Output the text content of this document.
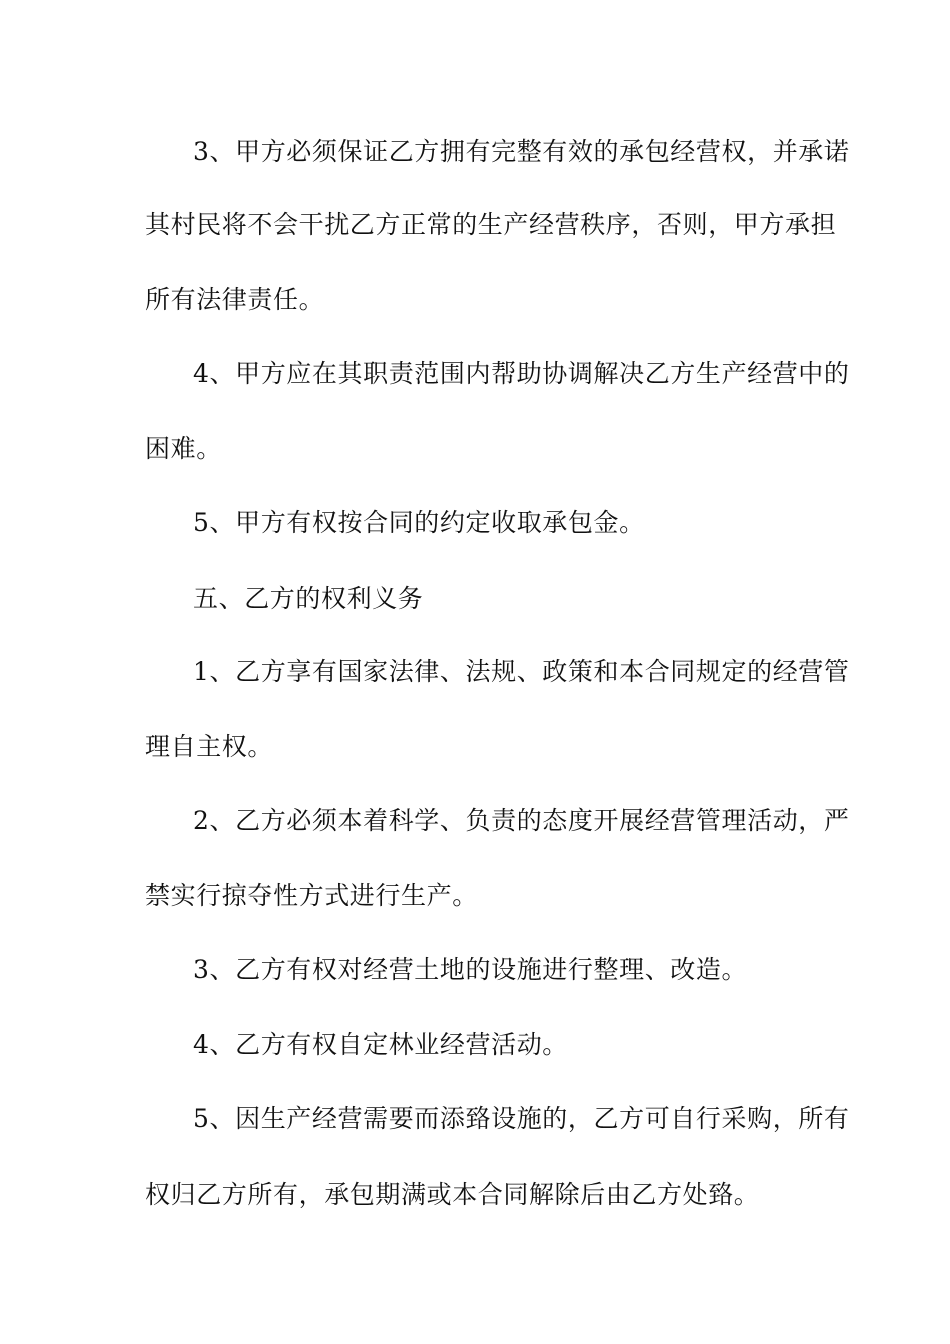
3、甲方必须保证乙方拥有完整有效的承包经营权，并承诺
其村民将不会干扰乙方正常的生产经营秩序，否则，甲方承担
所有法律责任。
4、甲方应在其职责范围内帮助协调解决乙方生产经营中的
困难。
5、甲方有权按合同的约定收取承包金。
五、乙方的权利义务
1、乙方享有国家法律、法规、政策和本合同规定的经营管
理自主权。
2、乙方必须本着科学、负责的态度开展经营管理活动，严
禁实行掠夺性方式进行生产。
3、乙方有权对经营土地的设施进行整理、改造。
4、乙方有权自定林业经营活动。
5、因生产经营需要而添臵设施的，乙方可自行采购，所有
权归乙方所有，承包期满或本合同解除后由乙方处臵。
